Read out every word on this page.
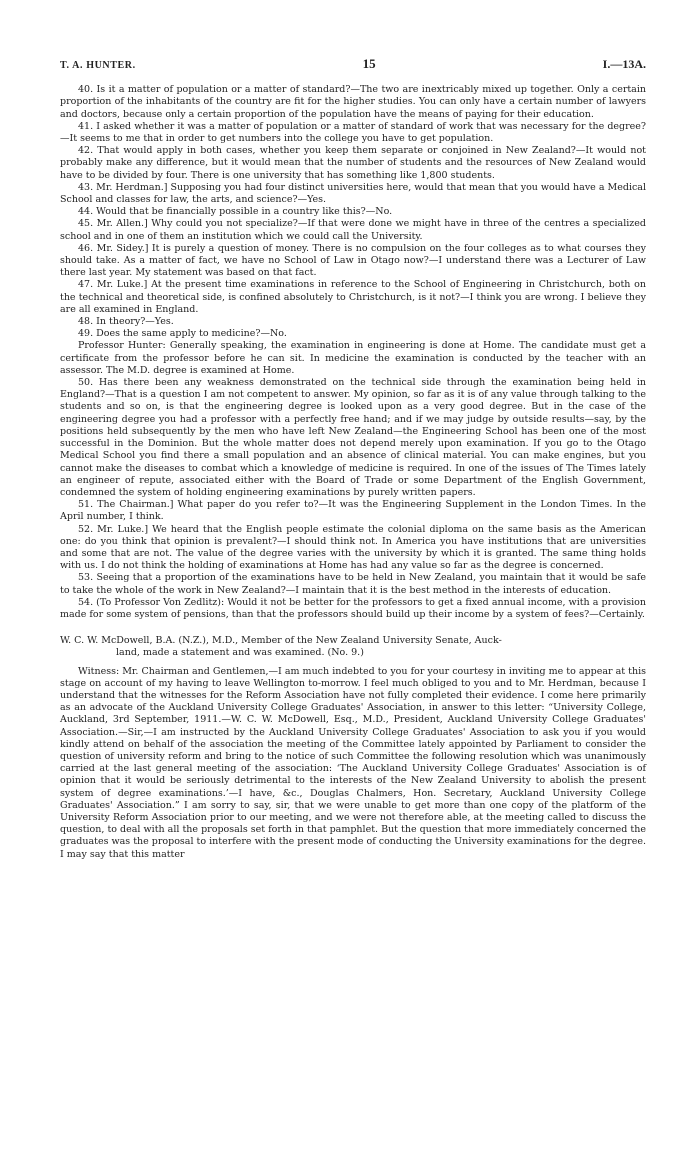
T. A. HUNTER.	15	I.—13A.

40. Is it a matter of population or a matter of standard?—The two are inextricably mixed up together. Only a certain proportion of the inhabitants of the country are fit for the higher studies. You can only have a certain number of lawyers and doctors, because only a certain proportion of the population have the means of paying for their education.

41. I asked whether it was a matter of population or a matter of standard of work that was necessary for the degree?—It seems to me that in order to get numbers into the college you have to get population.

42. That would apply in both cases, whether you keep them separate or conjoined in New Zealand?—It would not probably make any difference, but it would mean that the number of students and the resources of New Zealand would have to be divided by four. There is one university that has something like 1,800 students.

43. Mr. Herdman.] Supposing you had four distinct universities here, would that mean that you would have a Medical School and classes for law, the arts, and science?—Yes.

44. Would that be financially possible in a country like this?—No.

45. Mr. Allen.] Why could you not specialize?—If that were done we might have in three of the centres a specialized school and in one of them an institution which we could call the University.

46. Mr. Sidey.] It is purely a question of money. There is no compulsion on the four colleges as to what courses they should take. As a matter of fact, we have no School of Law in Otago now?—I understand there was a Lecturer of Law there last year. My statement was based on that fact.

47. Mr. Luke.] At the present time examinations in reference to the School of Engineering in Christchurch, both on the technical and theoretical side, is confined absolutely to Christchurch, is it not?—I think you are wrong. I believe they are all examined in England.

48. In theory?—Yes.

49. Does the same apply to medicine?—No.

Professor Hunter: Generally speaking, the examination in engineering is done at Home. The candidate must get a certificate from the professor before he can sit. In medicine the examination is conducted by the teacher with an assessor. The M.D. degree is examined at Home.

50. Has there been any weakness demonstrated on the technical side through the examination being held in England?—That is a question I am not competent to answer. My opinion, so far as it is of any value through talking to the students and so on, is that the engineering degree is looked upon as a very good degree. But in the case of the engineering degree you had a professor with a perfectly free hand; and if we may judge by outside results—say, by the positions held subsequently by the men who have left New Zealand—the Engineering School has been one of the most successful in the Dominion. But the whole matter does not depend merely upon examination. If you go to the Otago Medical School you find there a small population and an absence of clinical material. You can make engines, but you cannot make the diseases to combat which a knowledge of medicine is required. In one of the issues of The Times lately an engineer of repute, associated either with the Board of Trade or some Department of the English Government, condemned the system of holding engineering examinations by purely written papers.

51. The Chairman.] What paper do you refer to?—It was the Engineering Supplement in the London Times. In the April number, I think.

52. Mr. Luke.] We heard that the English people estimate the colonial diploma on the same basis as the American one: do you think that opinion is prevalent?—I should think not. In America you have institutions that are universities and some that are not. The value of the degree varies with the university by which it is granted. The same thing holds with us. I do not think the holding of examinations at Home has had any value so far as the degree is concerned.

53. Seeing that a proportion of the examinations have to be held in New Zealand, you maintain that it would be safe to take the whole of the work in New Zealand?—I maintain that it is the best method in the interests of education.

54. (To Professor Von Zedlitz): Would it not be better for the professors to get a fixed annual income, with a provision made for some system of pensions, than that the professors should build up their income by a system of fees?—Certainly.

W. C. W. McDowell, B.A. (N.Z.), M.D., Member of the New Zealand University Senate, Auck-
land, made a statement and was examined. (No. 9.)

Witness: Mr. Chairman and Gentlemen,—I am much indebted to you for your courtesy in inviting me to appear at this stage on account of my having to leave Wellington to-morrow. I feel much obliged to you and to Mr. Herdman, because I understand that the witnesses for the Reform Association have not fully completed their evidence. I come here primarily as an advocate of the Auckland University College Graduates' Association, in answer to this letter: “University College, Auckland, 3rd September, 1911.—W. C. W. McDowell, Esq., M.D., President, Auckland University College Graduates' Association.—Sir,—I am instructed by the Auckland University College Graduates' Association to ask you if you would kindly attend on behalf of the association the meeting of the Committee lately appointed by Parliament to consider the question of university reform and bring to the notice of such Committee the following resolution which was unanimously carried at the last general meeting of the association: ‘The Auckland University College Graduates' Association is of opinion that it would be seriously detrimental to the interests of the New Zealand University to abolish the present system of degree examinations.’—I have, &c., Douglas Chalmers, Hon. Secretary, Auckland University College Graduates' Association.” I am sorry to say, sir, that we were unable to get more than one copy of the platform of the University Reform Association prior to our meeting, and we were not therefore able, at the meeting called to discuss the question, to deal with all the proposals set forth in that pamphlet. But the question that more immediately concerned the graduates was the proposal to interfere with the present mode of conducting the University examinations for the degree. I may say that this matter
